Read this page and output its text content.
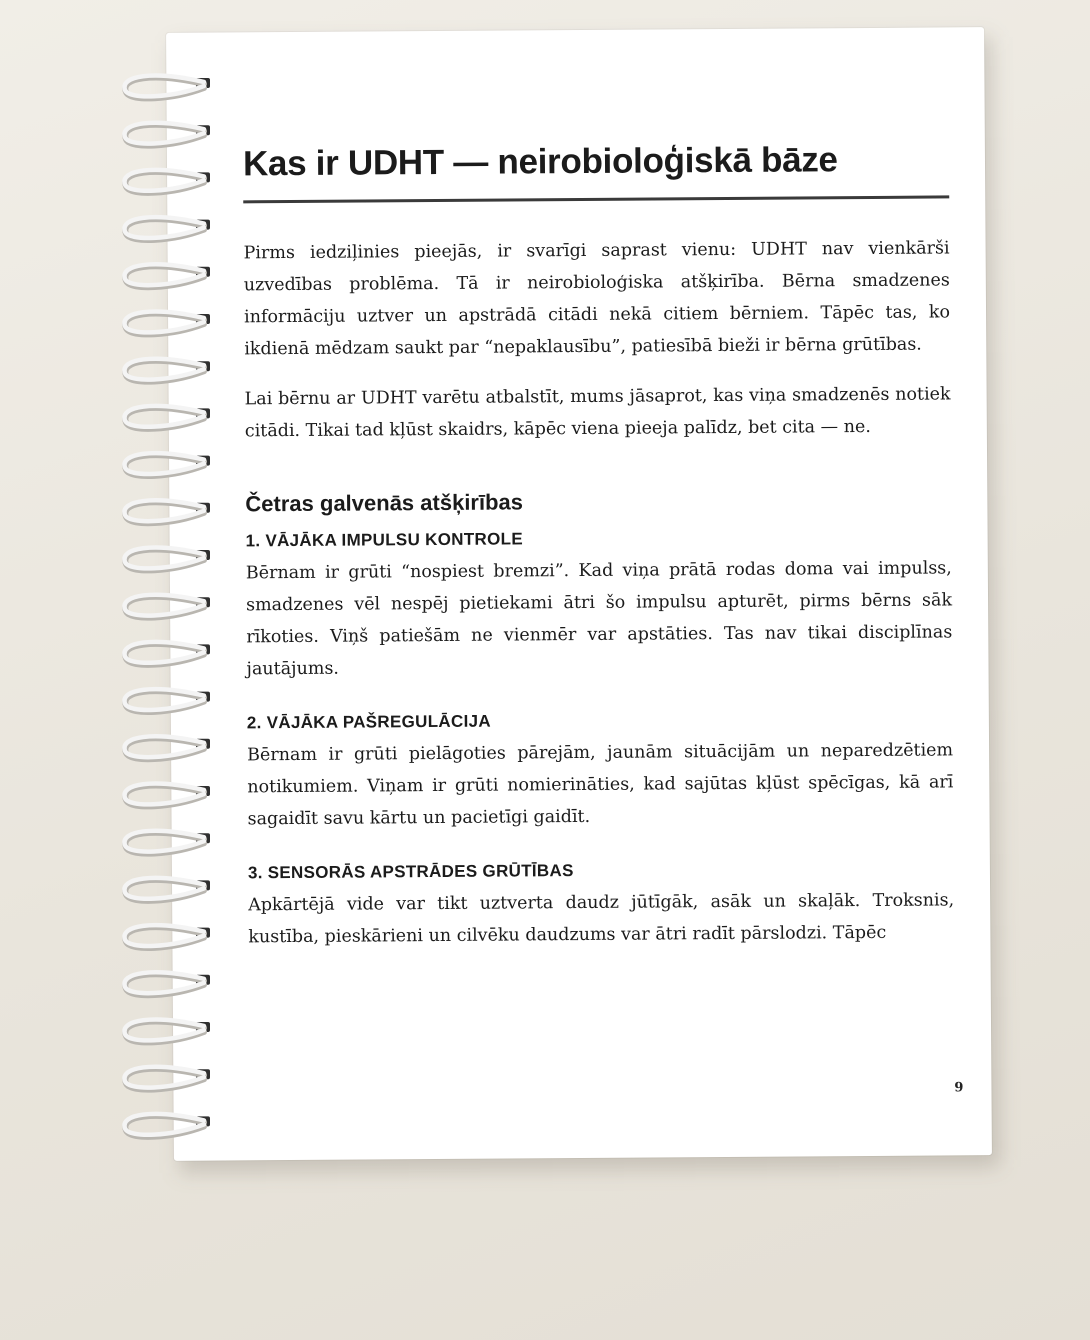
Kas ir UDHT — neirobioloģiskā bāze

Pirms iedziļinies pieejās, ir svarīgi saprast vienu: UDHT nav vienkārši uzvedības problēma. Tā ir neirobioloģiska atšķirība. Bērna smadzenes informāciju uztver un apstrādā citādi nekā citiem bērniem. Tāpēc tas, ko ikdienā mēdzam saukt par “nepaklausību”, patiesībā bieži ir bērna grūtības.

Lai bērnu ar UDHT varētu atbalstīt, mums jāsaprot, kas viņa smadzenēs notiek citādi. Tikai tad kļūst skaidrs, kāpēc viena pieeja palīdz, bet cita — ne.

Četras galvenās atšķirības
1. VĀJĀKA IMPULSU KONTROLE

Bērnam ir grūti “nospiest bremzi”. Kad viņa prātā rodas doma vai impulss, smadzenes vēl nespēj pietiekami ātri šo impulsu apturēt, pirms bērns sāk rīkoties. Viņš patiešām ne vienmēr var apstāties. Tas nav tikai disciplīnas jautājums.

2. VĀJĀKA PAŠREGULĀCIJA

Bērnam ir grūti pielāgoties pārejām, jaunām situācijām un neparedzētiem notikumiem. Viņam ir grūti nomierināties, kad sajūtas kļūst spēcīgas, kā arī sagaidīt savu kārtu un pacietīgi gaidīt.

3. SENSORĀS APSTRĀDES GRŪTĪBAS

Apkārtējā vide var tikt uztverta daudz jūtīgāk, asāk un skaļāk. Troksnis, kustība, pieskārieni un cilvēku daudzums var ātri radīt pārslodzi. Tāpēc

9
